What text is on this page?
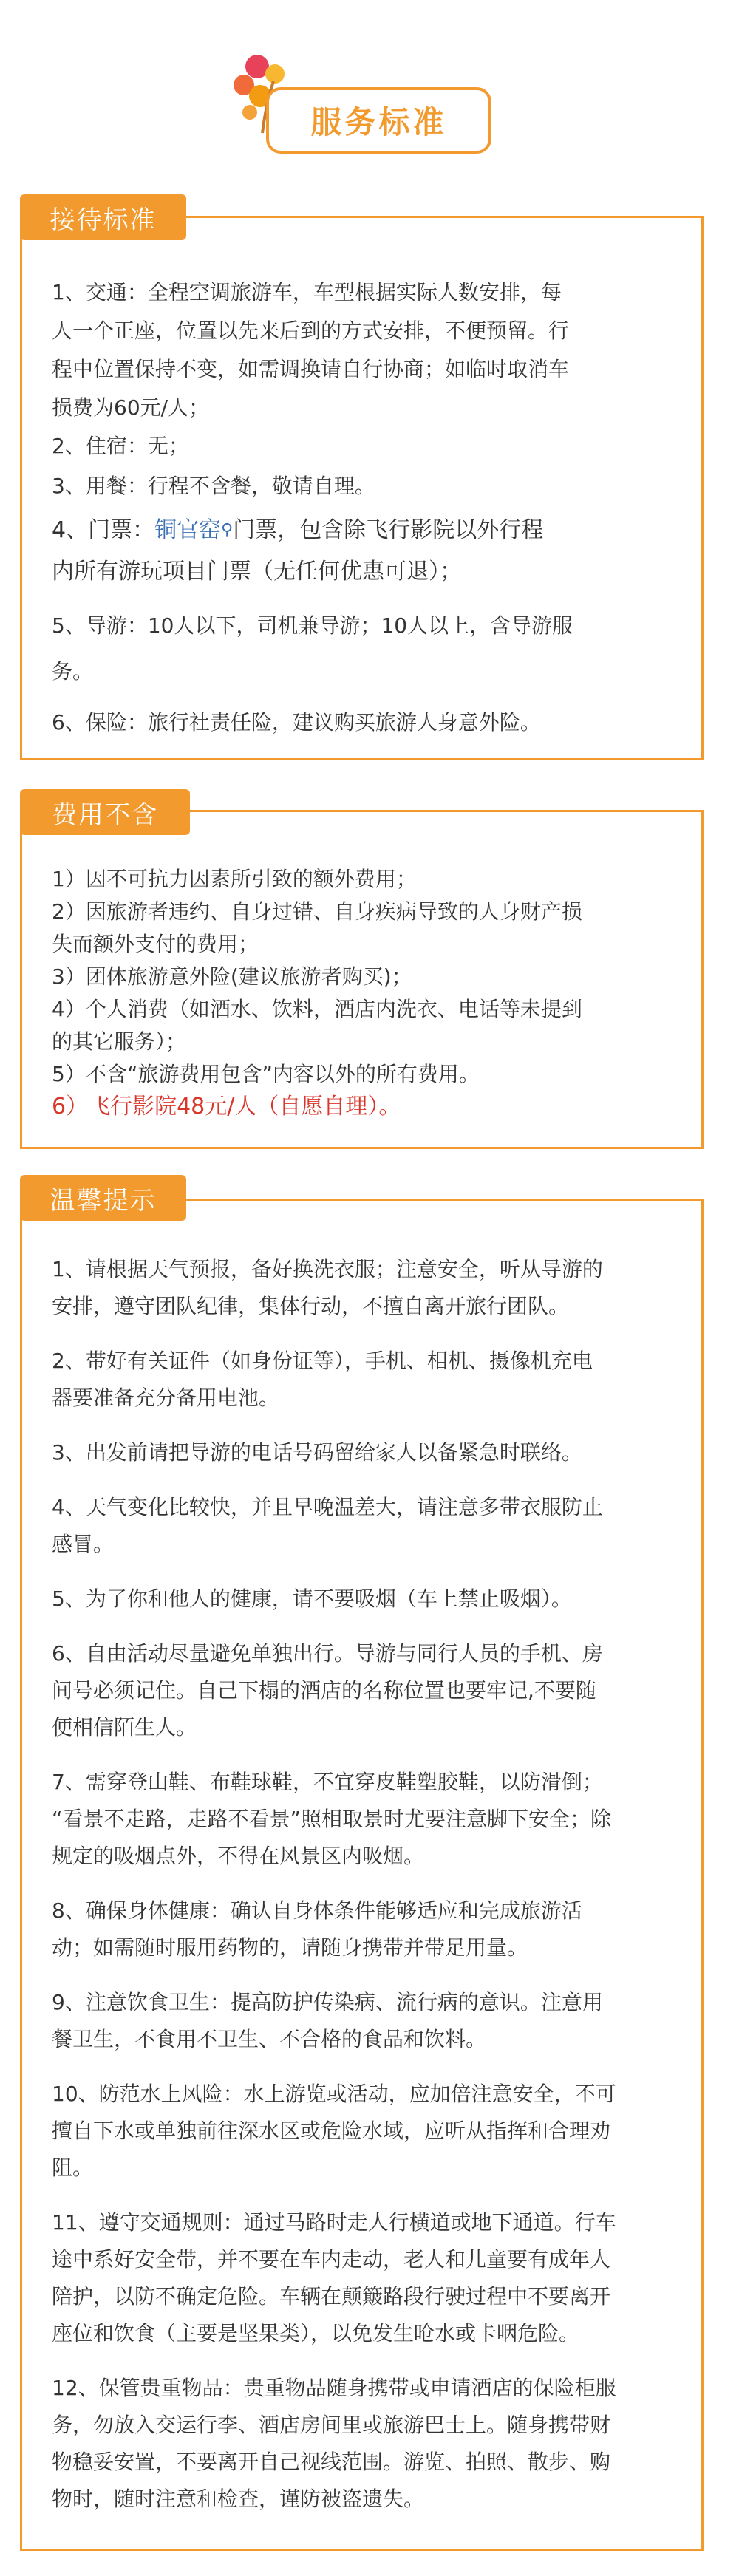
服务标准
接待标准

1、交通：全程空调旅游车，车型根据实际人数安排，每
人一个正座，位置以先来后到的方式安排，不便预留。行
程中位置保持不变，如需调换请自行协商；如临时取消车
损费为60元/人；

2、住宿：无；

3、用餐：行程不含餐，敬请自理。

4、门票：铜官窑⚲门票，包含除飞行影院以外行程
内所有游玩项目门票（无任何优惠可退）；

5、导游：10人以下，司机兼导游；10人以上，含导游服
务。

6、保险：旅行社责任险，建议购买旅游人身意外险。

费用不含

1）因不可抗力因素所引致的额外费用；

2）因旅游者违约、自身过错、自身疾病导致的人身财产损
失而额外支付的费用；

3）团体旅游意外险(建议旅游者购买)；

4）个人消费（如酒水、饮料，酒店内洗衣、电话等未提到
的其它服务）；

5）不含“旅游费用包含”内容以外的所有费用。

6）飞行影院48元/人（自愿自理）。

温馨提示

1、请根据天气预报，备好换洗衣服；注意安全，听从导游的
安排，遵守团队纪律，集体行动，不擅自离开旅行团队。

2、带好有关证件（如身份证等），手机、相机、摄像机充电
器要准备充分备用电池。

3、出发前请把导游的电话号码留给家人以备紧急时联络。

4、天气变化比较快，并且早晚温差大，请注意多带衣服防止
感冒。

5、为了你和他人的健康，请不要吸烟（车上禁止吸烟）。

6、自由活动尽量避免单独出行。导游与同行人员的手机、房
间号必须记住。自己下榻的酒店的名称位置也要牢记,不要随
便相信陌生人。

7、需穿登山鞋、布鞋球鞋，不宜穿皮鞋塑胶鞋，以防滑倒；
“看景不走路，走路不看景”照相取景时尤要注意脚下安全；除
规定的吸烟点外，不得在风景区内吸烟。

8、确保身体健康：确认自身体条件能够适应和完成旅游活
动；如需随时服用药物的，请随身携带并带足用量。

9、注意饮食卫生：提高防护传染病、流行病的意识。注意用
餐卫生，不食用不卫生、不合格的食品和饮料。

10、防范水上风险：水上游览或活动，应加倍注意安全，不可
擅自下水或单独前往深水区或危险水域，应听从指挥和合理劝
阻。

11、遵守交通规则：通过马路时走人行横道或地下通道。行车
途中系好安全带，并不要在车内走动，老人和儿童要有成年人
陪护，以防不确定危险。车辆在颠簸路段行驶过程中不要离开
座位和饮食（主要是坚果类），以免发生呛水或卡咽危险。

12、保管贵重物品：贵重物品随身携带或申请酒店的保险柜服
务，勿放入交运行李、酒店房间里或旅游巴士上。随身携带财
物稳妥安置，不要离开自己视线范围。游览、拍照、散步、购
物时，随时注意和检查，谨防被盗遗失。
